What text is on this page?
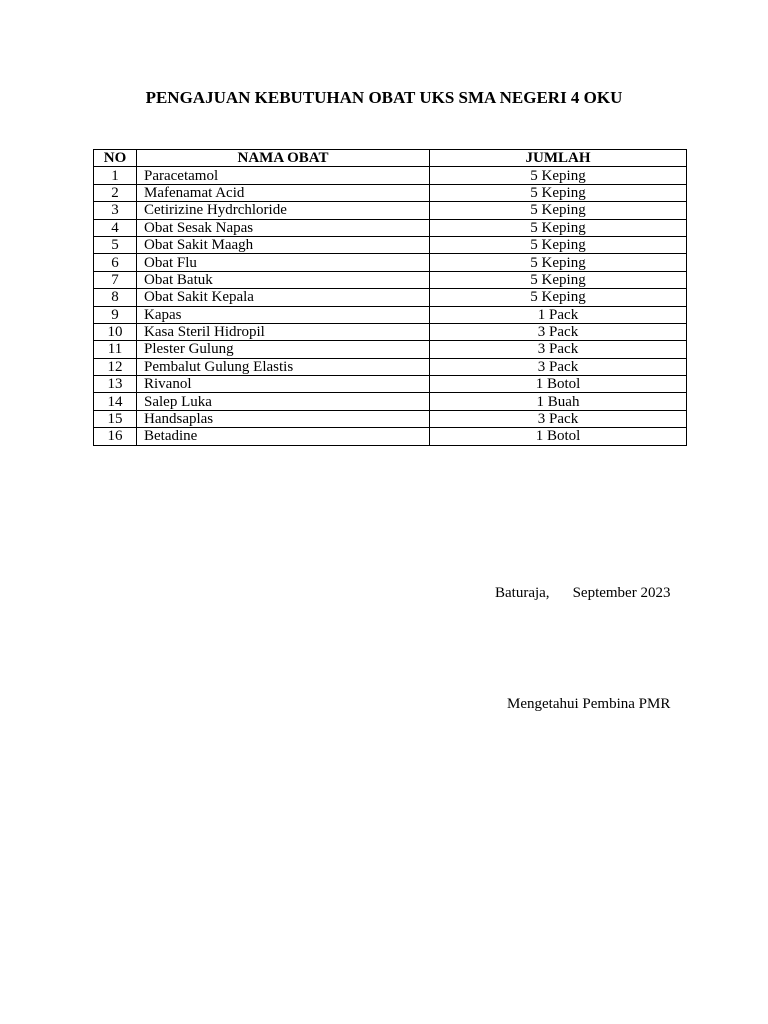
PENGAJUAN KEBUTUHAN OBAT UKS SMA NEGERI 4 OKU
NO	NAMA OBAT	JUMLAH
1	Paracetamol	5 Keping
2	Mafenamat Acid	5 Keping
3	Cetirizine Hydrchloride	5 Keping
4	Obat Sesak Napas	5 Keping
5	Obat Sakit Maagh	5 Keping
6	Obat Flu	5 Keping
7	Obat Batuk	5 Keping
8	Obat Sakit Kepala	5 Keping
9	Kapas	1 Pack
10	Kasa Steril Hidropil	3 Pack
11	Plester Gulung	3 Pack
12	Pembalut Gulung Elastis	3 Pack
13	Rivanol	1 Botol
14	Salep Luka	1 Buah
15	Handsaplas	3 Pack
16	Betadine	1 Botol
Baturaja, September 2023
Mengetahui Pembina PMR
